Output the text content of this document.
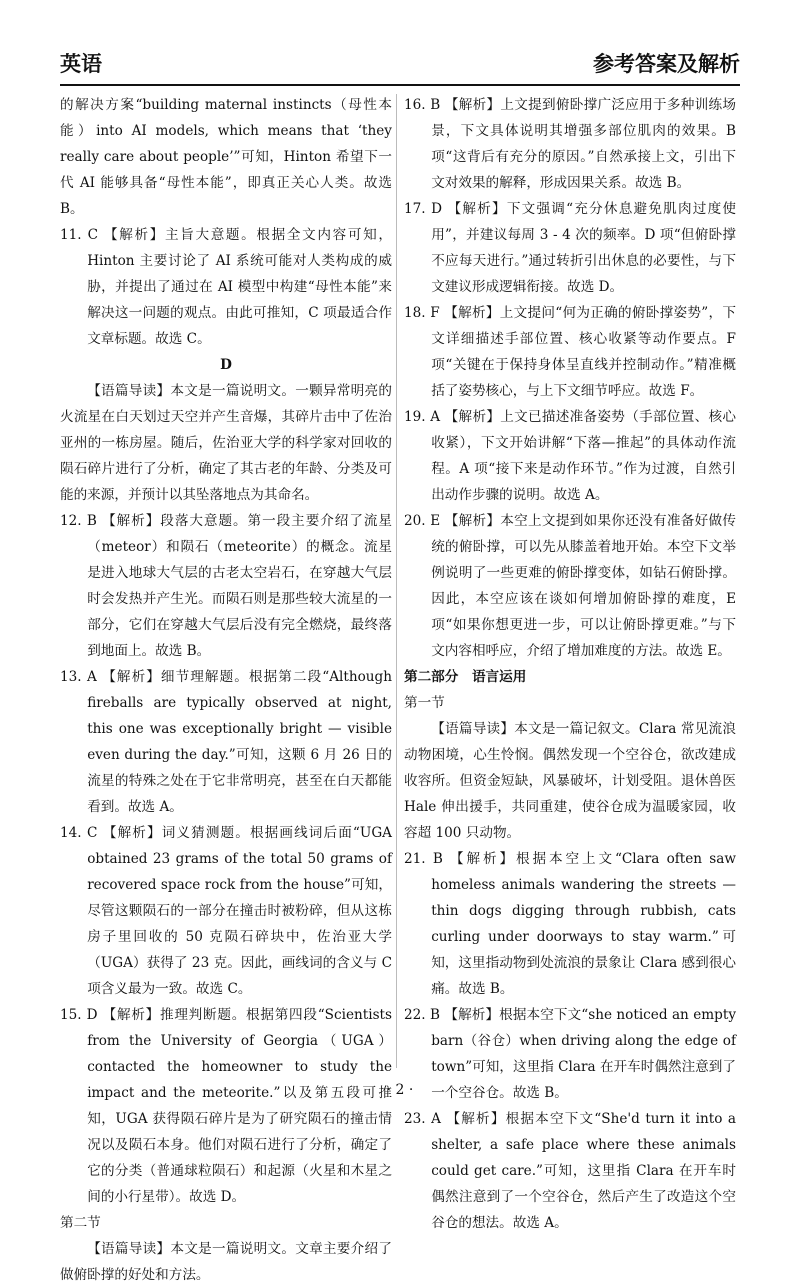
英语	参考答案及解析

的解决方案“building maternal instincts（母性本能）into AI models, which means that ‘they really care about people’”可知，Hinton 希望下一代 AI 能够具备“母性本能”，即真正关心人类。故选 B。

11. C 【解析】主旨大意题。根据全文内容可知，Hinton 主要讨论了 AI 系统可能对人类构成的威胁，并提出了通过在 AI 模型中构建“母性本能”来解决这一问题的观点。由此可推知，C 项最适合作文章标题。故选 C。

D

【语篇导读】本文是一篇说明文。一颗异常明亮的火流星在白天划过天空并产生音爆，其碎片击中了佐治亚州的一栋房屋。随后，佐治亚大学的科学家对回收的陨石碎片进行了分析，确定了其古老的年龄、分类及可能的来源，并预计以其坠落地点为其命名。

12. B 【解析】段落大意题。第一段主要介绍了流星（meteor）和陨石（meteorite）的概念。流星是进入地球大气层的古老太空岩石，在穿越大气层时会发热并产生光。而陨石则是那些较大流星的一部分，它们在穿越大气层后没有完全燃烧，最终落到地面上。故选 B。

13. A 【解析】细节理解题。根据第二段“Although fireballs are typically observed at night, this one was exceptionally bright — visible even during the day.”可知，这颗 6 月 26 日的流星的特殊之处在于它非常明亮，甚至在白天都能看到。故选 A。

14. C 【解析】词义猜测题。根据画线词后面“UGA obtained 23 grams of the total 50 grams of recovered space rock from the house”可知，尽管这颗陨石的一部分在撞击时被粉碎，但从这栋房子里回收的 50 克陨石碎块中，佐治亚大学（UGA）获得了 23 克。因此，画线词的含义与 C 项含义最为一致。故选 C。

15. D 【解析】推理判断题。根据第四段“Scientists from the University of Georgia（UGA）contacted the homeowner to study the impact and the meteorite.”以及第五段可推知，UGA 获得陨石碎片是为了研究陨石的撞击情况以及陨石本身。他们对陨石进行了分析，确定了它的分类（普通球粒陨石）和起源（火星和木星之间的小行星带）。故选 D。

第二节

【语篇导读】本文是一篇说明文。文章主要介绍了做俯卧撑的好处和方法。

16. B 【解析】上文提到俯卧撑广泛应用于多种训练场景，下文具体说明其增强多部位肌肉的效果。B 项“这背后有充分的原因。”自然承接上文，引出下文对效果的解释，形成因果关系。故选 B。

17. D 【解析】下文强调“充分休息避免肌肉过度使用”，并建议每周 3 - 4 次的频率。D 项“但俯卧撑不应每天进行。”通过转折引出休息的必要性，与下文建议形成逻辑衔接。故选 D。

18. F 【解析】上文提问“何为正确的俯卧撑姿势”，下文详细描述手部位置、核心收紧等动作要点。F 项“关键在于保持身体呈直线并控制动作。”精准概括了姿势核心，与上下文细节呼应。故选 F。

19. A 【解析】上文已描述准备姿势（手部位置、核心收紧），下文开始讲解“下落—推起”的具体动作流程。A 项“接下来是动作环节。”作为过渡，自然引出动作步骤的说明。故选 A。

20. E 【解析】本空上文提到如果你还没有准备好做传统的俯卧撑，可以先从膝盖着地开始。本空下文举例说明了一些更难的俯卧撑变体，如钻石俯卧撑。因此，本空应该在谈如何增加俯卧撑的难度，E 项“如果你想更进一步，可以让俯卧撑更难。”与下文内容相呼应，介绍了增加难度的方法。故选 E。

第二部分　语言运用

第一节

【语篇导读】本文是一篇记叙文。Clara 常见流浪动物困境，心生怜悯。偶然发现一个空谷仓，欲改建成收容所。但资金短缺，风暴破坏，计划受阻。退休兽医 Hale 伸出援手，共同重建，使谷仓成为温暖家园，收容超 100 只动物。

21. B 【解析】根据本空上文“Clara often saw homeless animals wandering the streets — thin dogs digging through rubbish, cats curling under doorways to stay warm.”可知，这里指动物到处流浪的景象让 Clara 感到很心痛。故选 B。

22. B 【解析】根据本空下文“she noticed an empty barn（谷仓）when driving along the edge of town”可知，这里指 Clara 在开车时偶然注意到了一个空谷仓。故选 B。

23. A 【解析】根据本空下文“She'd turn it into a shelter, a safe place where these animals could get care.”可知，这里指 Clara 在开车时偶然注意到了一个空谷仓，然后产生了改造这个空谷仓的想法。故选 A。

· 2 ·
